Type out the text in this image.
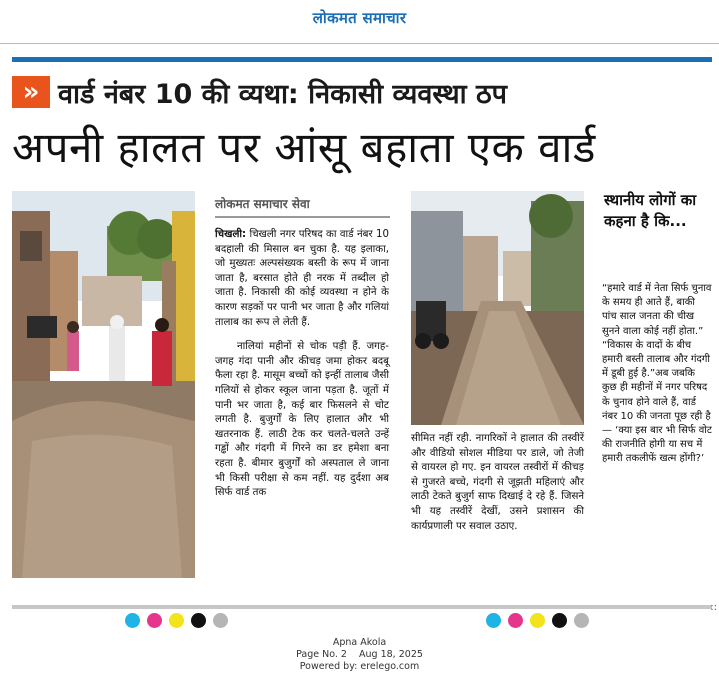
लोकमत समाचार
» वार्ड नंबर 10 की व्यथा: निकासी व्यवस्था ठप
अपनी हालत पर आंसू बहाता एक वार्ड
लोकमत समाचार सेवा

चिखली: चिखली नगर परिषद का वार्ड नंबर 10 बदहाली की मिसाल बन चुका है. यह इलाका, जो मुख्यतः अल्पसंख्यक बस्ती के रूप में जाना जाता है, बरसात होते ही नरक में तब्दील हो जाता है. निकासी की कोई व्यवस्था न होने के कारण सड़कों पर पानी भर जाता है और गलियां तालाब का रूप ले लेती हैं.

नालियां महीनों से चोक पड़ी हैं. जगह-जगह गंदा पानी और कीचड़ जमा होकर बदबू फैला रहा है. मासूम बच्चों को इन्हीं तालाब जैसी गलियों से होकर स्कूल जाना पड़ता है. जूतों में पानी भर जाता है, कई बार फिसलने से चोट लगती है. बुजुर्गों के लिए हालात और भी खतरनाक हैं. लाठी टेक कर चलते-चलते उन्हें गड्ढों और गंदगी में गिरने का डर हमेशा बना रहता है. बीमार बुजुर्गों को अस्पताल ले जाना भी किसी परीक्षा से कम नहीं. यह दुर्दशा अब सिर्फ वार्ड तक

सीमित नहीं रही. नागरिकों ने हालात की तस्वीरें और वीडियो सोशल मीडिया पर डाले, जो तेजी से वायरल हो गए. इन वायरल तस्वीरों में कीचड़ से गुजरते बच्चे, गंदगी से जूझती महिलाएं और लाठी टेकते बुजुर्ग साफ दिखाई दे रहे हैं. जिसने भी यह तस्वीरें देखीं, उसने प्रशासन की कार्यप्रणाली पर सवाल उठाए.

स्थानीय लोगों का कहना है कि...
“हमारे वार्ड में नेता सिर्फ चुनाव के समय ही आते हैं, बाकी पांच साल जनता की चीख सुनने वाला कोई नहीं होता.” “विकास के वादों के बीच हमारी बस्ती तालाब और गंदगी में डूबी हुई है.”अब जबकि कुछ ही महीनों में नगर परिषद के चुनाव होने वाले हैं, वार्ड नंबर 10 की जनता पूछ रही है — ‘क्या इस बार भी सिर्फ वोट की राजनीति होगी या सच में हमारी तकलीफें खत्म होंगी?’
::
Apna Akola
Page No. 2    Aug 18, 2025
Powered by: erelego.com
